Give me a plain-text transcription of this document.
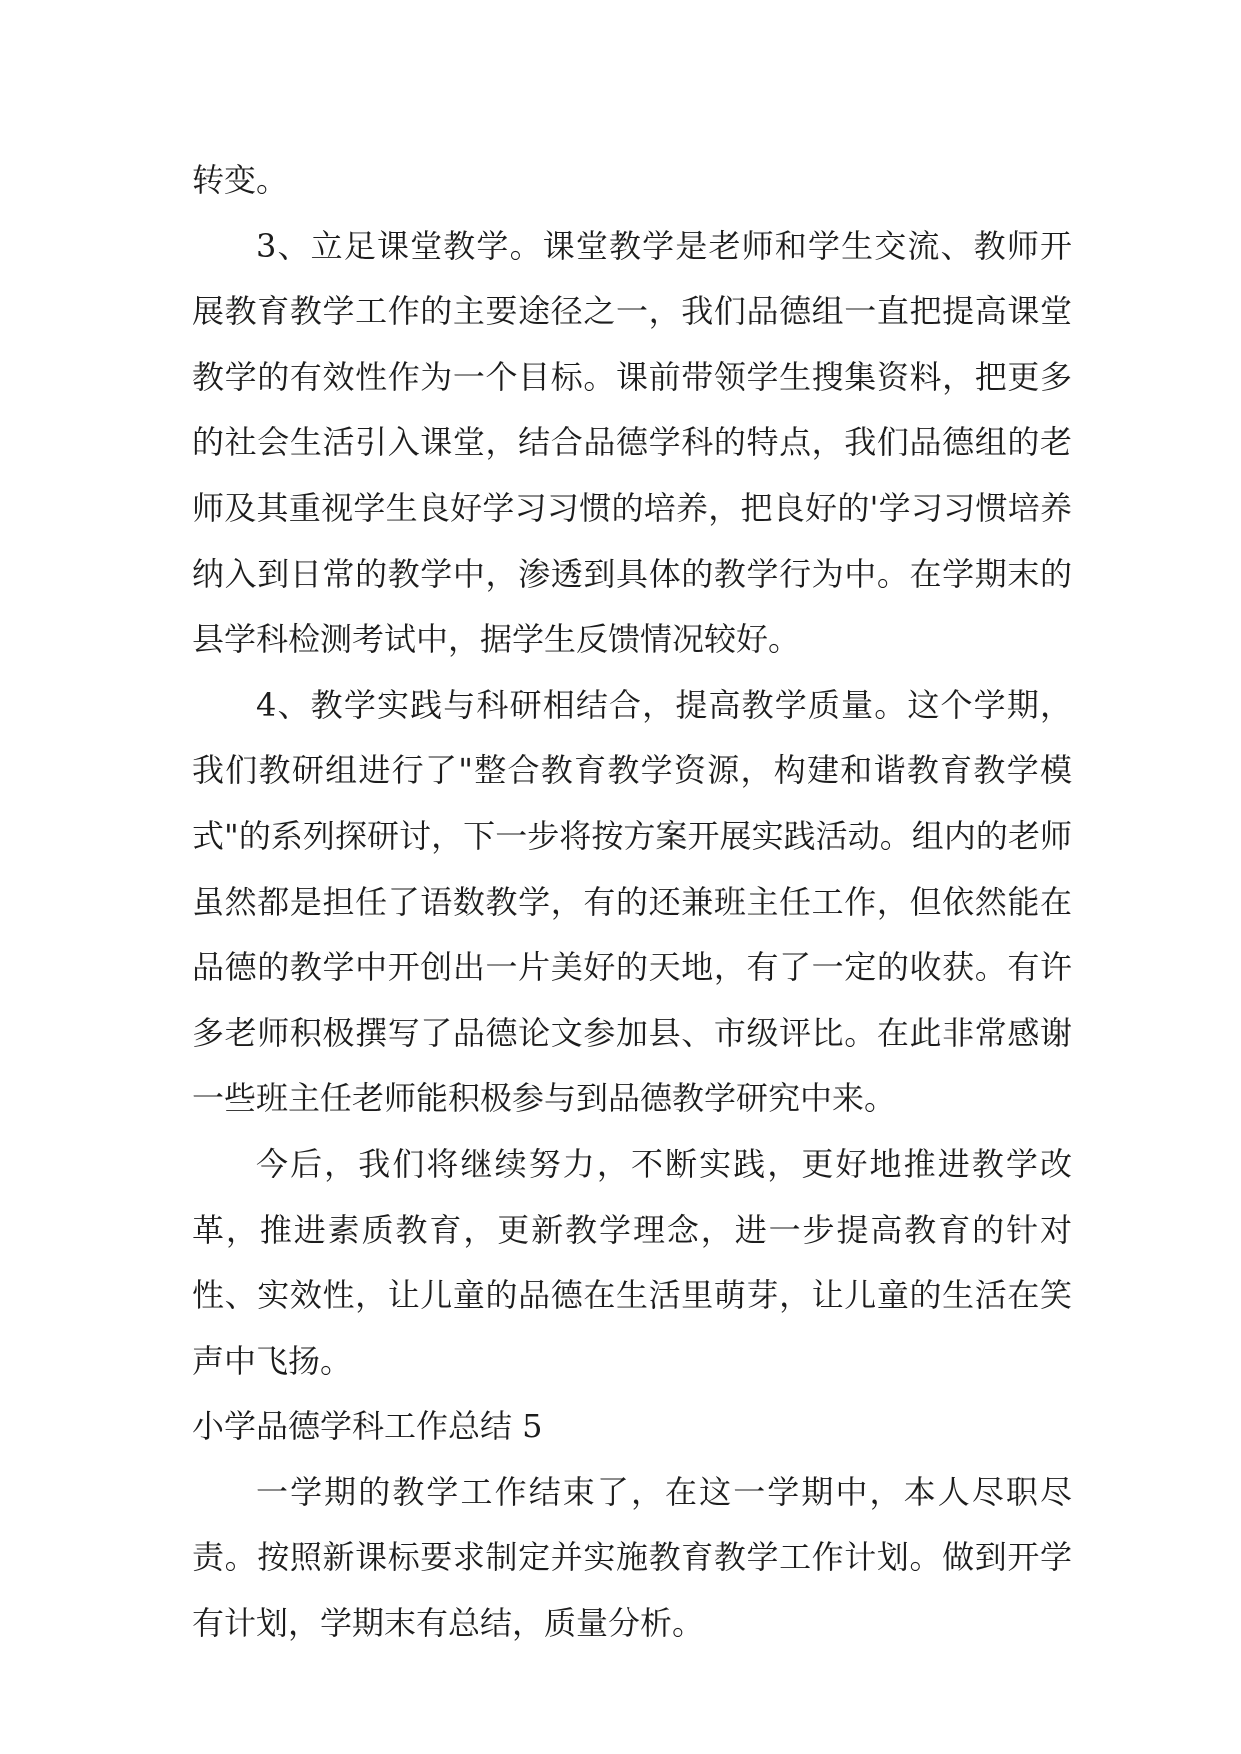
转变。

3、立足课堂教学。课堂教学是老师和学生交流、教师开展教育教学工作的主要途径之一，我们品德组一直把提高课堂教学的有效性作为一个目标。课前带领学生搜集资料，把更多的社会生活引入课堂，结合品德学科的特点，我们品德组的老师及其重视学生良好学习习惯的培养，把良好的'学习习惯培养纳入到日常的教学中，渗透到具体的教学行为中。在学期末的县学科检测考试中，据学生反馈情况较好。

4、教学实践与科研相结合，提高教学质量。这个学期，我们教研组进行了"整合教育教学资源，构建和谐教育教学模式"的系列探研讨，下一步将按方案开展实践活动。组内的老师虽然都是担任了语数教学，有的还兼班主任工作，但依然能在品德的教学中开创出一片美好的天地，有了一定的收获。有许多老师积极撰写了品德论文参加县、市级评比。在此非常感谢一些班主任老师能积极参与到品德教学研究中来。

今后，我们将继续努力，不断实践，更好地推进教学改革，推进素质教育，更新教学理念，进一步提高教育的针对性、实效性，让儿童的品德在生活里萌芽，让儿童的生活在笑声中飞扬。

小学品德学科工作总结 5

一学期的教学工作结束了，在这一学期中，本人尽职尽责。按照新课标要求制定并实施教育教学工作计划。做到开学有计划，学期末有总结，质量分析。
